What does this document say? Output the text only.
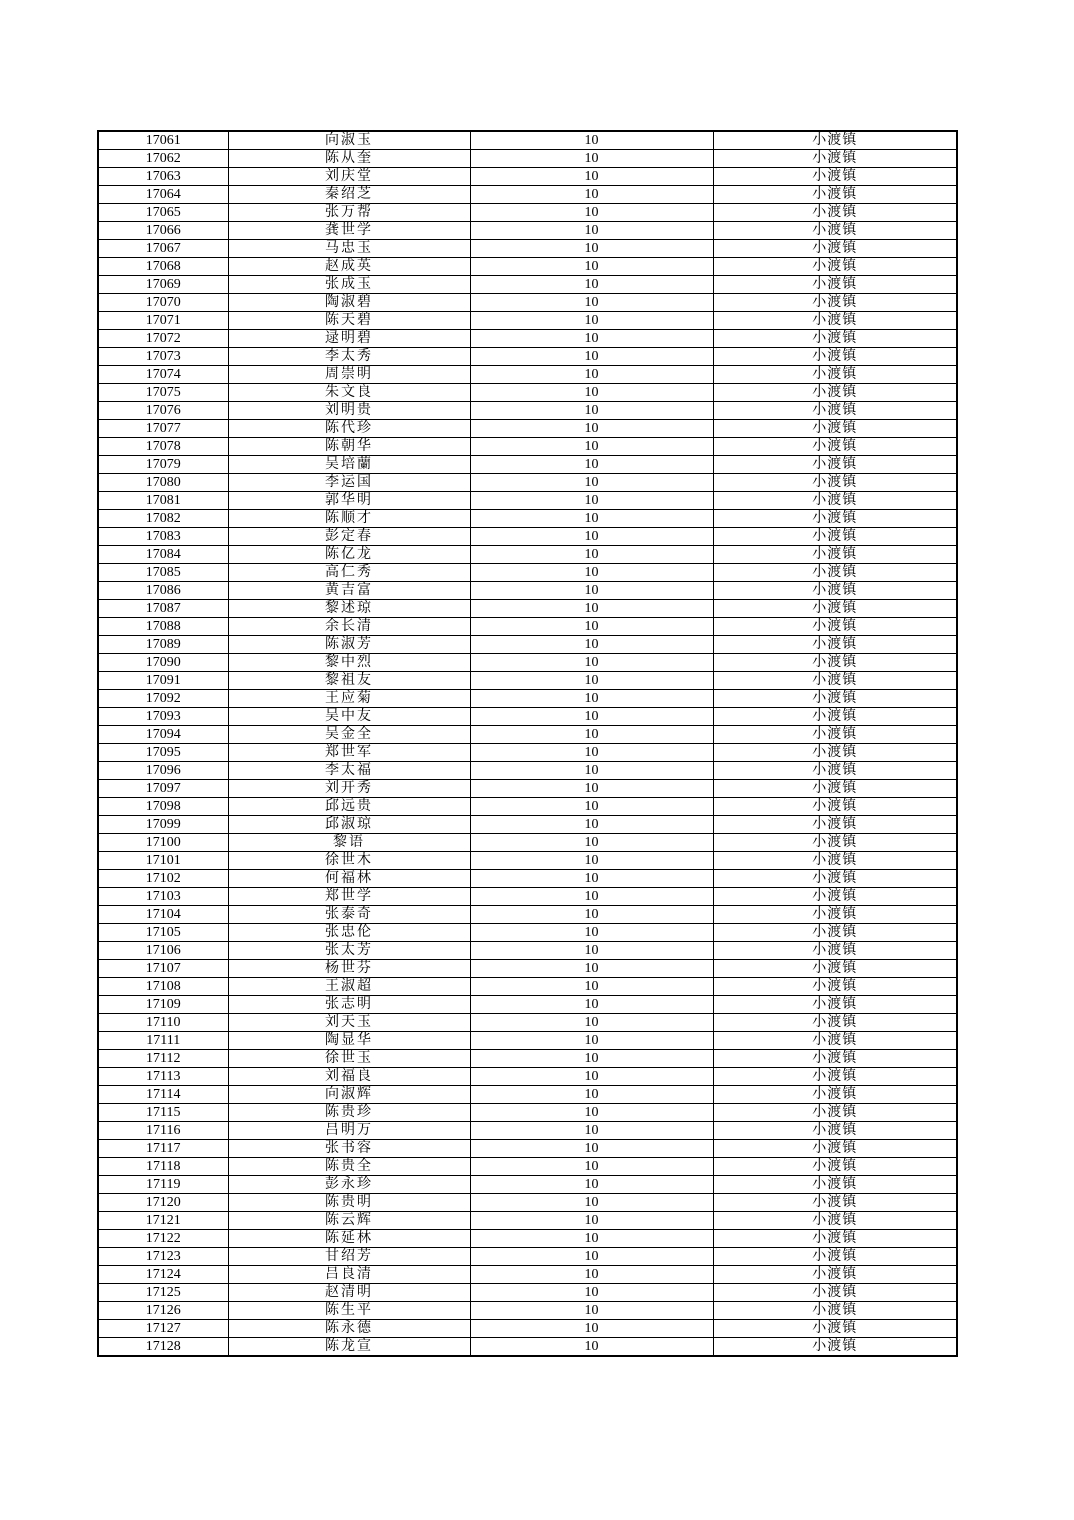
17061	向淑玉	10	小渡镇
17062	陈从奎	10	小渡镇
17063	刘庆堂	10	小渡镇
17064	秦绍芝	10	小渡镇
17065	张万帮	10	小渡镇
17066	龚世学	10	小渡镇
17067	马忠玉	10	小渡镇
17068	赵成英	10	小渡镇
17069	张成玉	10	小渡镇
17070	陶淑碧	10	小渡镇
17071	陈天碧	10	小渡镇
17072	逯明碧	10	小渡镇
17073	李太秀	10	小渡镇
17074	周崇明	10	小渡镇
17075	朱文良	10	小渡镇
17076	刘明贵	10	小渡镇
17077	陈代珍	10	小渡镇
17078	陈朝华	10	小渡镇
17079	吴培蘭	10	小渡镇
17080	李运国	10	小渡镇
17081	郭华明	10	小渡镇
17082	陈顺才	10	小渡镇
17083	彭定春	10	小渡镇
17084	陈亿龙	10	小渡镇
17085	高仁秀	10	小渡镇
17086	黄吉富	10	小渡镇
17087	黎述琼	10	小渡镇
17088	余长清	10	小渡镇
17089	陈淑芳	10	小渡镇
17090	黎中烈	10	小渡镇
17091	黎祖友	10	小渡镇
17092	王应菊	10	小渡镇
17093	吴中友	10	小渡镇
17094	吴金全	10	小渡镇
17095	郑世军	10	小渡镇
17096	李太福	10	小渡镇
17097	刘开秀	10	小渡镇
17098	邱远贵	10	小渡镇
17099	邱淑琼	10	小渡镇
17100	黎语	10	小渡镇
17101	徐世木	10	小渡镇
17102	何福林	10	小渡镇
17103	郑世学	10	小渡镇
17104	张泰奇	10	小渡镇
17105	张忠伦	10	小渡镇
17106	张太芳	10	小渡镇
17107	杨世芬	10	小渡镇
17108	王淑超	10	小渡镇
17109	张志明	10	小渡镇
17110	刘天玉	10	小渡镇
17111	陶显华	10	小渡镇
17112	徐世玉	10	小渡镇
17113	刘福良	10	小渡镇
17114	向淑辉	10	小渡镇
17115	陈贵珍	10	小渡镇
17116	吕明万	10	小渡镇
17117	张书容	10	小渡镇
17118	陈贵全	10	小渡镇
17119	彭永珍	10	小渡镇
17120	陈贵明	10	小渡镇
17121	陈云辉	10	小渡镇
17122	陈延林	10	小渡镇
17123	甘绍芳	10	小渡镇
17124	吕良清	10	小渡镇
17125	赵清明	10	小渡镇
17126	陈生平	10	小渡镇
17127	陈永德	10	小渡镇
17128	陈龙宣	10	小渡镇
